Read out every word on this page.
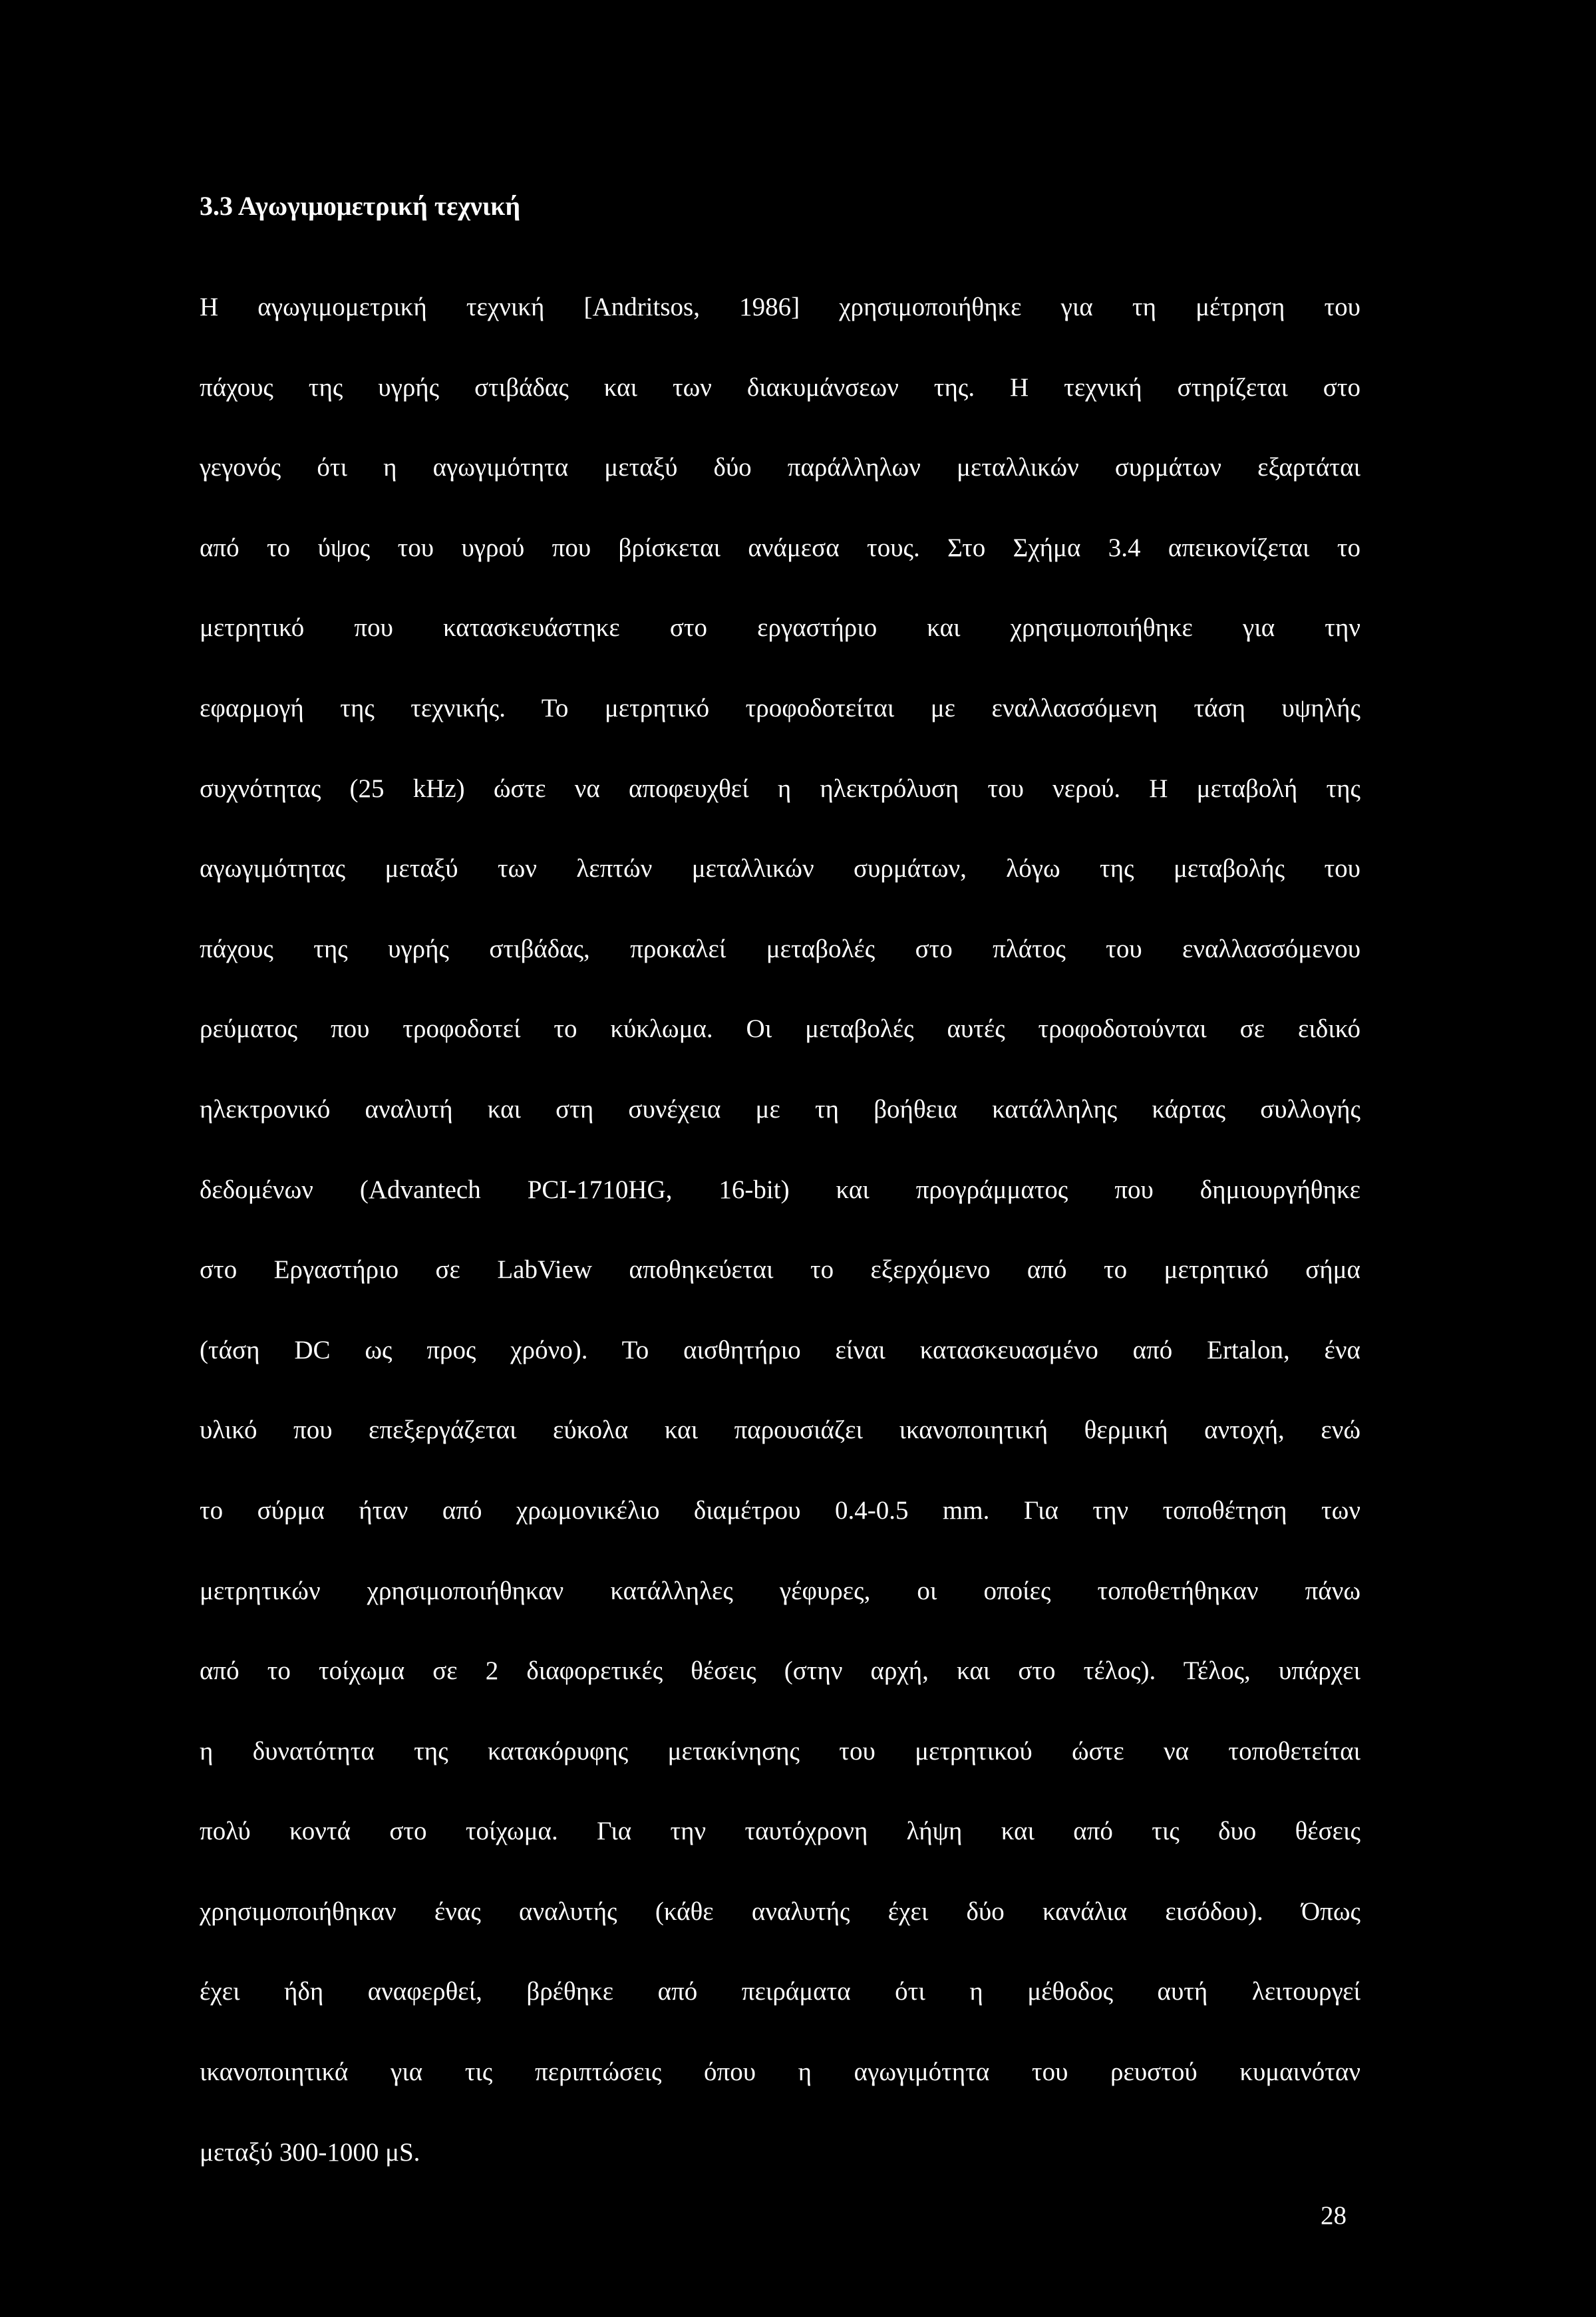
3.3 Αγωγιμομετρική τεχνική
Η αγωγιμομετρική τεχνική [Andritsos, 1986] χρησιμοποιήθηκε για τη μέτρηση του
πάχους της υγρής στιβάδας και των διακυμάνσεων της. Η τεχνική στηρίζεται στο
γεγονός ότι η αγωγιμότητα μεταξύ δύο παράλληλων μεταλλικών συρμάτων εξαρτάται
από το ύψος του υγρού που βρίσκεται ανάμεσα τους. Στο Σχήμα 3.4 απεικονίζεται το
μετρητικό που κατασκευάστηκε στο εργαστήριο και χρησιμοποιήθηκε για την
εφαρμογή της τεχνικής. Το μετρητικό τροφοδοτείται με εναλλασσόμενη τάση υψηλής
συχνότητας (25 kHz) ώστε να αποφευχθεί η ηλεκτρόλυση του νερού. Η μεταβολή της
αγωγιμότητας μεταξύ των λεπτών μεταλλικών συρμάτων, λόγω της μεταβολής του
πάχους της υγρής στιβάδας, προκαλεί μεταβολές στο πλάτος του εναλλασσόμενου
ρεύματος που τροφοδοτεί το κύκλωμα. Οι μεταβολές αυτές τροφοδοτούνται σε ειδικό
ηλεκτρονικό αναλυτή και στη συνέχεια με τη βοήθεια κατάλληλης κάρτας συλλογής
δεδομένων (Advantech PCI-1710HG, 16-bit) και προγράμματος που δημιουργήθηκε
στο Εργαστήριο σε LabView αποθηκεύεται το εξερχόμενο από το μετρητικό σήμα
(τάση DC ως προς χρόνο). Το αισθητήριο είναι κατασκευασμένο από Ertalon, ένα
υλικό που επεξεργάζεται εύκολα και παρουσιάζει ικανοποιητική θερμική αντοχή, ενώ
το σύρμα ήταν από χρωμονικέλιο διαμέτρου 0.4-0.5 mm. Για την τοποθέτηση των
μετρητικών χρησιμοποιήθηκαν κατάλληλες γέφυρες, οι οποίες τοποθετήθηκαν πάνω
από το τοίχωμα σε 2 διαφορετικές θέσεις (στην αρχή, και στο τέλος). Τέλος, υπάρχει
η δυνατότητα της κατακόρυφης μετακίνησης του μετρητικού ώστε να τοποθετείται
πολύ κοντά στο τοίχωμα. Για την ταυτόχρονη λήψη και από τις δυο θέσεις
χρησιμοποιήθηκαν ένας αναλυτής (κάθε αναλυτής έχει δύο κανάλια εισόδου). Όπως
έχει ήδη αναφερθεί, βρέθηκε από πειράματα ότι η μέθοδος αυτή λειτουργεί
ικανοποιητικά για τις περιπτώσεις όπου η αγωγιμότητα του ρευστού κυμαινόταν
μεταξύ 300-1000 μS.
28
